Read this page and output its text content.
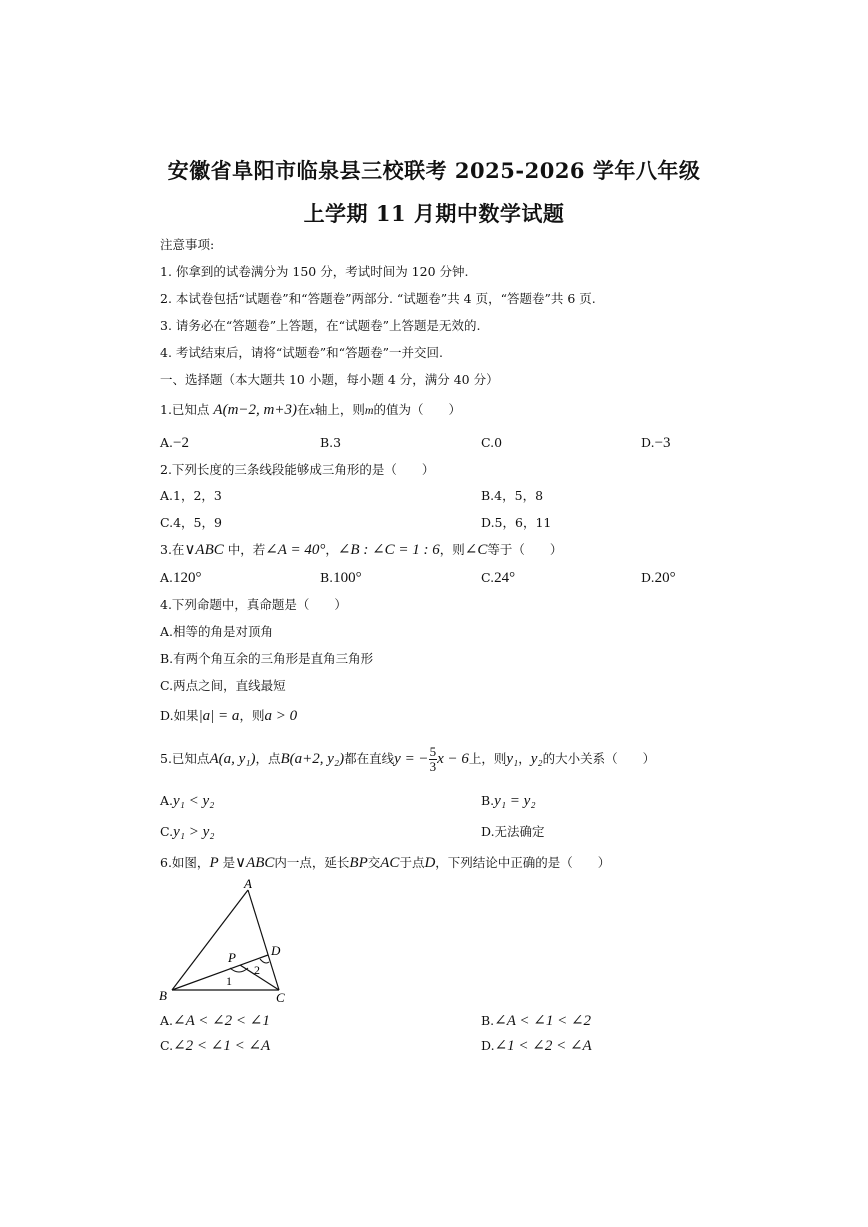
安徽省阜阳市临泉县三校联考 2025-2026 学年八年级
上学期 11 月期中数学试题
注意事项:
1. 你拿到的试卷满分为 150 分，考试时间为 120 分钟.
2. 本试卷包括“试题卷”和“答题卷”两部分. “试题卷”共 4 页，“答题卷”共 6 页.
3. 请务必在“答题卷”上答题，在“试题卷”上答题是无效的.
4. 考试结束后，请将“试题卷”和“答题卷”一并交回.
一、选择题（本大题共 10 小题，每小题 4 分，满分 40 分）
1.已知点 A(m−2, m+3)在x轴上，则m的值为（　　）
A.−2	B.3	C.0	D.−3
2.下列长度的三条线段能够成三角形的是（　　）
A.1，2，3	B.4，5，8
C.4，5，9	D.5，6，11
3.在∨ABC 中，若∠A = 40°，∠B : ∠C = 1 : 6，则∠C等于（　　）
A.120°	B.100°	C.24°	D.20°
4.下列命题中，真命题是（　　）
A.相等的角是对顶角
B.有两个角互余的三角形是直角三角形
C.两点之间，直线最短
D.如果|a| = a，则a > 0
5.已知点A(a, y₁)，点B(a+2, y₂)都在直线y = − $\frac{5}{3}$ x − 6上，则y₁，y₂的大小关系（　　）
A.y₁ < y₂	B.y₁ = y₂
C.y₁ > y₂	D.无法确定
6.如图，P 是∨ABC内一点，延长BP交AC于点D，下列结论中正确的是（　　）
A
B	C
D
P
1
2
A.∠A < ∠2 < ∠1	B.∠A < ∠1 < ∠2
C.∠2 < ∠1 < ∠A	D.∠1 < ∠2 < ∠A
